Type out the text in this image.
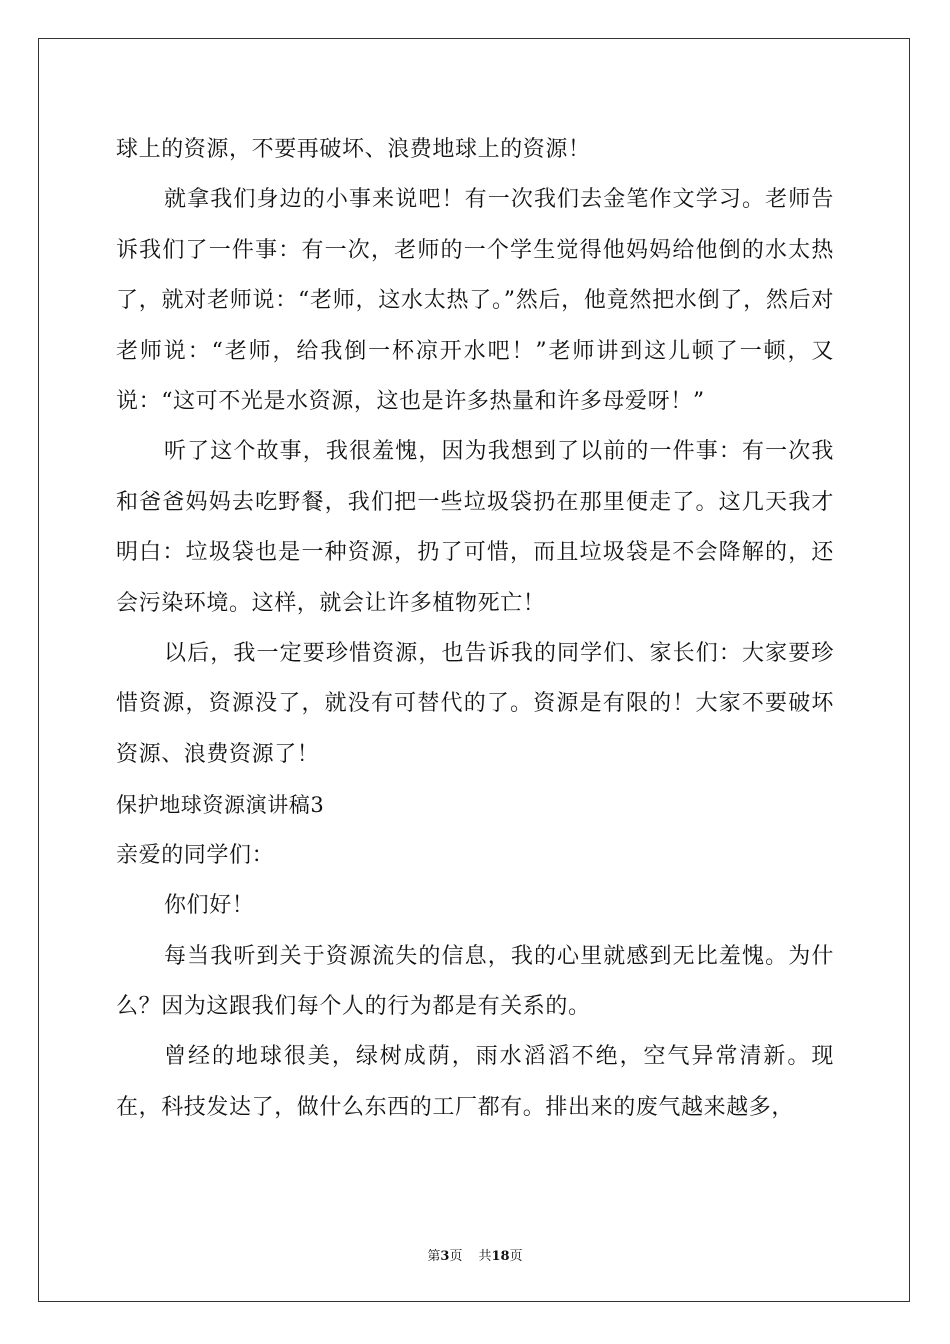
球上的资源，不要再破坏、浪费地球上的资源！

就拿我们身边的小事来说吧！有一次我们去金笔作文学习。老师告诉我们了一件事：有一次，老师的一个学生觉得他妈妈给他倒的水太热了，就对老师说：“老师，这水太热了。”然后，他竟然把水倒了，然后对老师说：“老师，给我倒一杯凉开水吧！”老师讲到这儿顿了一顿，又说：“这可不光是水资源，这也是许多热量和许多母爱呀！”

听了这个故事，我很羞愧，因为我想到了以前的一件事：有一次我和爸爸妈妈去吃野餐，我们把一些垃圾袋扔在那里便走了。这几天我才明白：垃圾袋也是一种资源，扔了可惜，而且垃圾袋是不会降解的，还会污染环境。这样，就会让许多植物死亡！

以后，我一定要珍惜资源，也告诉我的同学们、家长们：大家要珍惜资源，资源没了，就没有可替代的了。资源是有限的！大家不要破坏资源、浪费资源了！

保护地球资源演讲稿3

亲爱的同学们：

你们好！

每当我听到关于资源流失的信息，我的心里就感到无比羞愧。为什么？因为这跟我们每个人的行为都是有关系的。

曾经的地球很美，绿树成荫，雨水滔滔不绝，空气异常清新。现在，科技发达了，做什么东西的工厂都有。排出来的废气越来越多，

第3页 共18页
